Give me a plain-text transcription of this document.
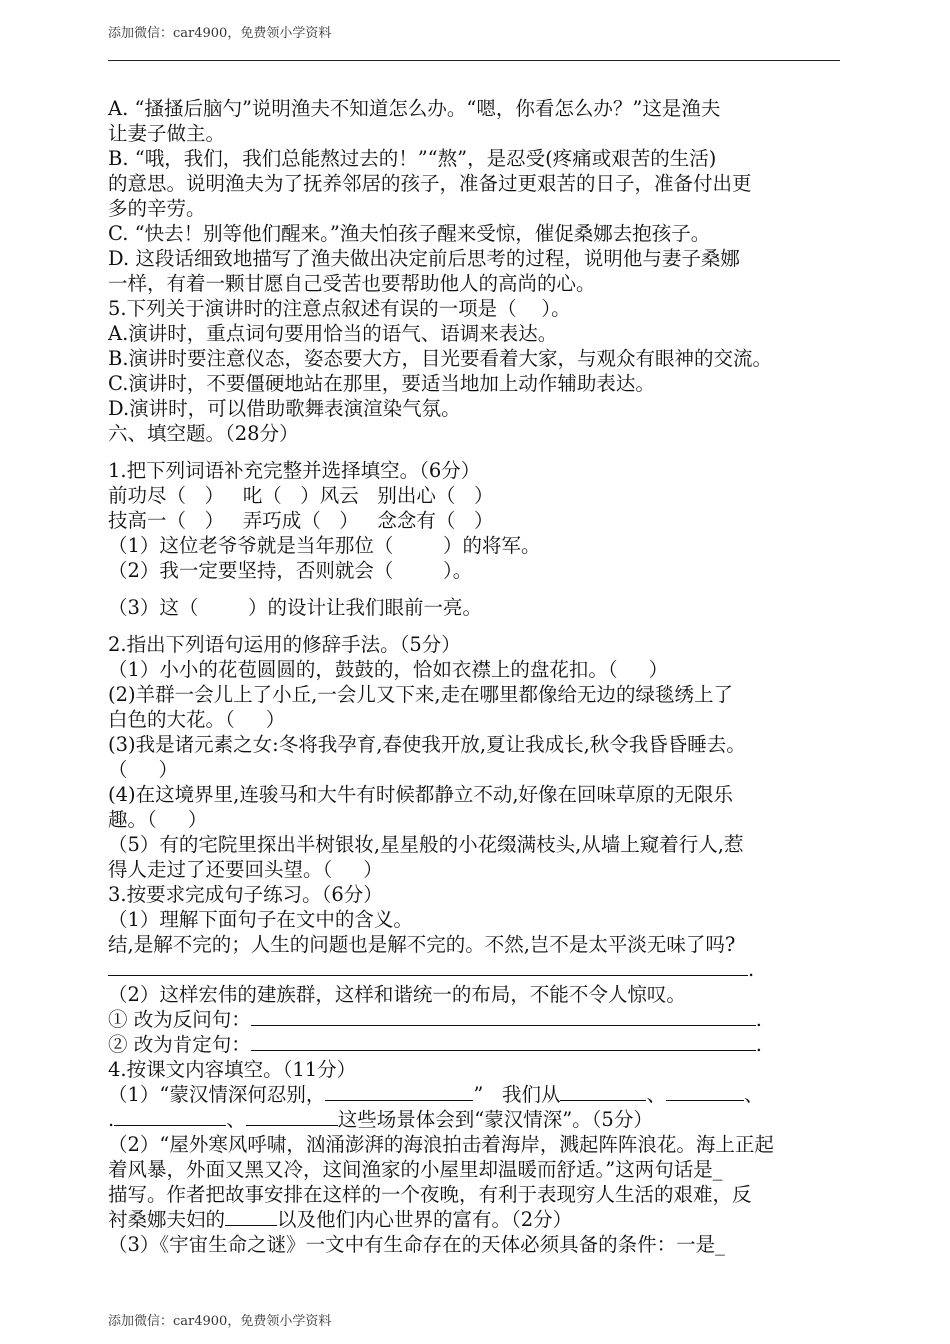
添加微信：car4900，免费领小学资料

A. “搔搔后脑勺”说明渔夫不知道怎么办。“嗯，你看怎么办？”这是渔夫

让妻子做主。

B. “哦，我们，我们总能熬过去的！”“熬”，是忍受(疼痛或艰苦的生活)

的意思。说明渔夫为了抚养邻居的孩子，准备过更艰苦的日子，准备付出更

多的辛劳。

C. “快去！别等他们醒来。”渔夫怕孩子醒来受惊，催促桑娜去抱孩子。

D. 这段话细致地描写了渔夫做出决定前后思考的过程，说明他与妻子桑娜

一样，有着一颗甘愿自己受苦也要帮助他人的高尚的心。

5.下列关于演讲时的注意点叙述有误的一项是（    ）。

A.演讲时，重点词句要用恰当的语气、语调来表达。

B.演讲时要注意仪态，姿态要大方，目光要看着大家，与观众有眼神的交流。

C.演讲时，不要僵硬地站在那里，要适当地加上动作辅助表达。

D.演讲时，可以借助歌舞表演渲染气氛。

六、填空题。（28分）

1.把下列词语补充完整并选择填空。（6分）

前功尽（   ）   叱（   ）风云   别出心（   ）

技高一（   ）   弄巧成（   ）   念念有（   ）

（1）这位老爷爷就是当年那位（        ）的将军。

（2）我一定要坚持，否则就会（        ）。

（3）这（        ）的设计让我们眼前一亮。

2.指出下列语句运用的修辞手法。（5分）

（1）小小的花苞圆圆的，鼓鼓的，恰如衣襟上的盘花扣。（     ）

(2)羊群一会儿上了小丘,一会儿又下来,走在哪里都像给无边的绿毯绣上了

白色的大花。（     ）

(3)我是诸元素之女:冬将我孕育,春使我开放,夏让我成长,秋令我昏昏睡去。

（     ）

(4)在这境界里,连骏马和大牛有时候都静立不动,好像在回味草原的无限乐

趣。（     ）

（5）有的宅院里探出半树银妆,星星般的小花缀满枝头,从墙上窥着行人,惹

得人走过了还要回头望。（     ）

3.按要求完成句子练习。（6分）

（1）理解下面句子在文中的含义。

结,是解不完的；人生的问题也是解不完的。不然,岂不是太平淡无味了吗?

.

（2）这样宏伟的建族群，这样和谐统一的布局，不能不令人惊叹。

① 改为反问句：	.

② 改为肯定句：	.

4.按课文内容填空。（11分）

（1）“蒙汉情深何忍别，	”   我们从	、	、

.	、	这些场景体会到“蒙汉情深”。（5分）

（2）“屋外寒风呼啸，汹涌澎湃的海浪拍击着海岸，溅起阵阵浪花。海上正起

着风暴，外面又黑又冷，这间渔家的小屋里却温暖而舒适。”这两句话是_

描写。作者把故事安排在这样的一个夜晚，有利于表现穷人生活的艰难，反

衬桑娜夫妇的	以及他们内心世界的富有。（2分）

（3）《宇宙生命之谜》一文中有生命存在的天体必须具备的条件：一是_

添加微信：car4900，免费领小学资料
